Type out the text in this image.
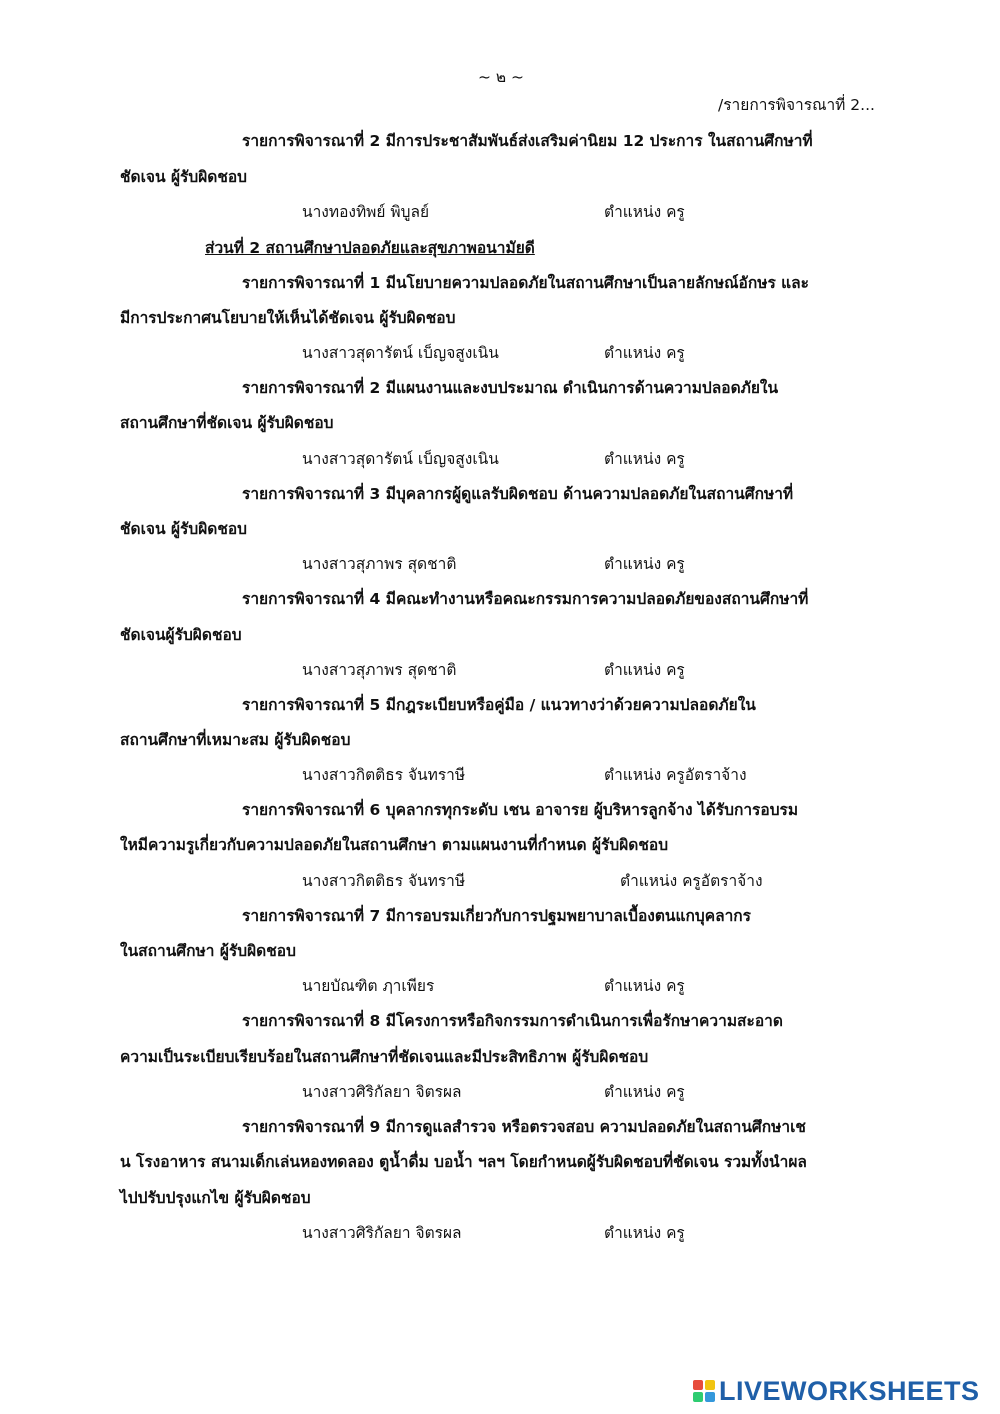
~ ๒ ~
/รายการพิจารณาที่ 2...
รายการพิจารณาที่ 2 มีการประชาสัมพันธ์ส่งเสริมค่านิยม 12 ประการ ในสถานศึกษาที่
ชัดเจน ผู้รับผิดชอบ
นางทองทิพย์ พิบูลย์	ตำแหน่ง ครู
ส่วนที่ 2 สถานศึกษาปลอดภัยและสุขภาพอนามัยดี
รายการพิจารณาที่ 1 มีนโยบายความปลอดภัยในสถานศึกษาเป็นลายลักษณ์อักษร และ
มีการประกาศนโยบายให้เห็นได้ชัดเจน ผู้รับผิดชอบ
นางสาวสุดารัตน์ เบ็ญจสูงเนิน	ตำแหน่ง ครู
รายการพิจารณาที่ 2 มีแผนงานและงบประมาณ ดำเนินการด้านความปลอดภัยใน
สถานศึกษาที่ชัดเจน ผู้รับผิดชอบ
นางสาวสุดารัตน์ เบ็ญจสูงเนิน	ตำแหน่ง ครู
รายการพิจารณาที่ 3 มีบุคลากรผู้ดูแลรับผิดชอบ ด้านความปลอดภัยในสถานศึกษาที่
ชัดเจน ผู้รับผิดชอบ
นางสาวสุภาพร สุดชาติ	ตำแหน่ง ครู
รายการพิจารณาที่ 4 มีคณะทำงานหรือคณะกรรมการความปลอดภัยของสถานศึกษาที่
ชัดเจนผู้รับผิดชอบ
นางสาวสุภาพร สุดชาติ	ตำแหน่ง ครู
รายการพิจารณาที่ 5 มีกฎระเบียบหรือคู่มือ / แนวทางว่าด้วยความปลอดภัยใน
สถานศึกษาที่เหมาะสม ผู้รับผิดชอบ
นางสาวกิตติธร จันทราษี	ตำแหน่ง ครูอัตราจ้าง
รายการพิจารณาที่ 6 บุคลากรทุกระดับ เชน อาจารย ผู้บริหารลูกจ้าง ได้รับการอบรม
ใหมีความรูเกี่ยวกับความปลอดภัยในสถานศึกษา ตามแผนงานที่กำหนด ผู้รับผิดชอบ
นางสาวกิตติธร จันทราษี	ตำแหน่ง ครูอัตราจ้าง
รายการพิจารณาที่ 7 มีการอบรมเกี่ยวกับการปฐมพยาบาลเบื้องตนแกบุคลากร
ในสถานศึกษา ผู้รับผิดชอบ
นายบัณฑิต ฦาเพียร	ตำแหน่ง ครู
รายการพิจารณาที่ 8 มีโครงการหรือกิจกรรมการดำเนินการเพื่อรักษาความสะอาด
ความเป็นระเบียบเรียบร้อยในสถานศึกษาที่ชัดเจนและมีประสิทธิภาพ ผู้รับผิดชอบ
นางสาวศิริกัลยา จิตรผล	ตำแหน่ง ครู
รายการพิจารณาที่ 9 มีการดูแลสำรวจ หรือตรวจสอบ ความปลอดภัยในสถานศึกษาเช
น โรงอาหาร สนามเด็กเล่นหองทดลอง ตูน้ำดื่ม บอน้ำ ฯลฯ โดยกำหนดผู้รับผิดชอบที่ชัดเจน รวมทั้งนำผล
ไปปรับปรุงแกไข ผู้รับผิดชอบ
นางสาวศิริกัลยา จิตรผล	ตำแหน่ง ครู
LIVEWORKSHEETS
